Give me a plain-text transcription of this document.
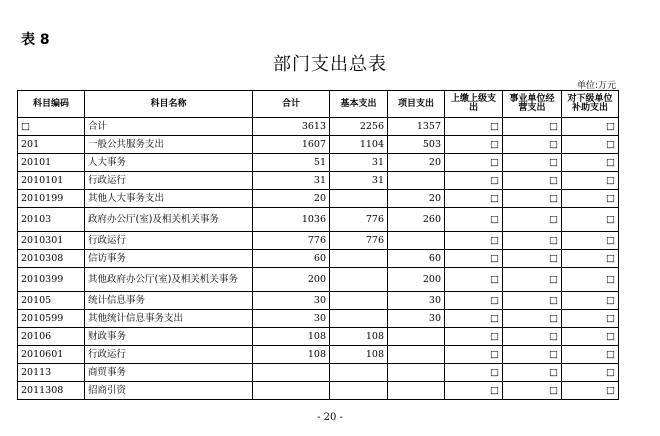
表 8
部门支出总表
单位:万元
科目编码	科目名称	合计	基本支出	项目支出	上缴上级支出	事业单位经营支出	对下级单位补助支出
□	合计	3613	2256	1357	□	□	□
201	一般公共服务支出	1607	1104	503	□	□	□
20101	人大事务	51	31	20	□	□	□
2010101	行政运行	31	31		□	□	□
2010199	其他人大事务支出	20		20	□	□	□
20103	政府办公厅(室)及相关机关事务	1036	776	260	□	□	□
2010301	行政运行	776	776		□	□	□
2010308	信访事务	60		60	□	□	□
2010399	其他政府办公厅(室)及相关机关事务	200		200	□	□	□
20105	统计信息事务	30		30	□	□	□
2010599	其他统计信息事务支出	30		30	□	□	□
20106	财政事务	108	108		□	□	□
2010601	行政运行	108	108		□	□	□
20113	商贸事务				□	□	□
2011308	招商引资				□	□	□
- 20 -
